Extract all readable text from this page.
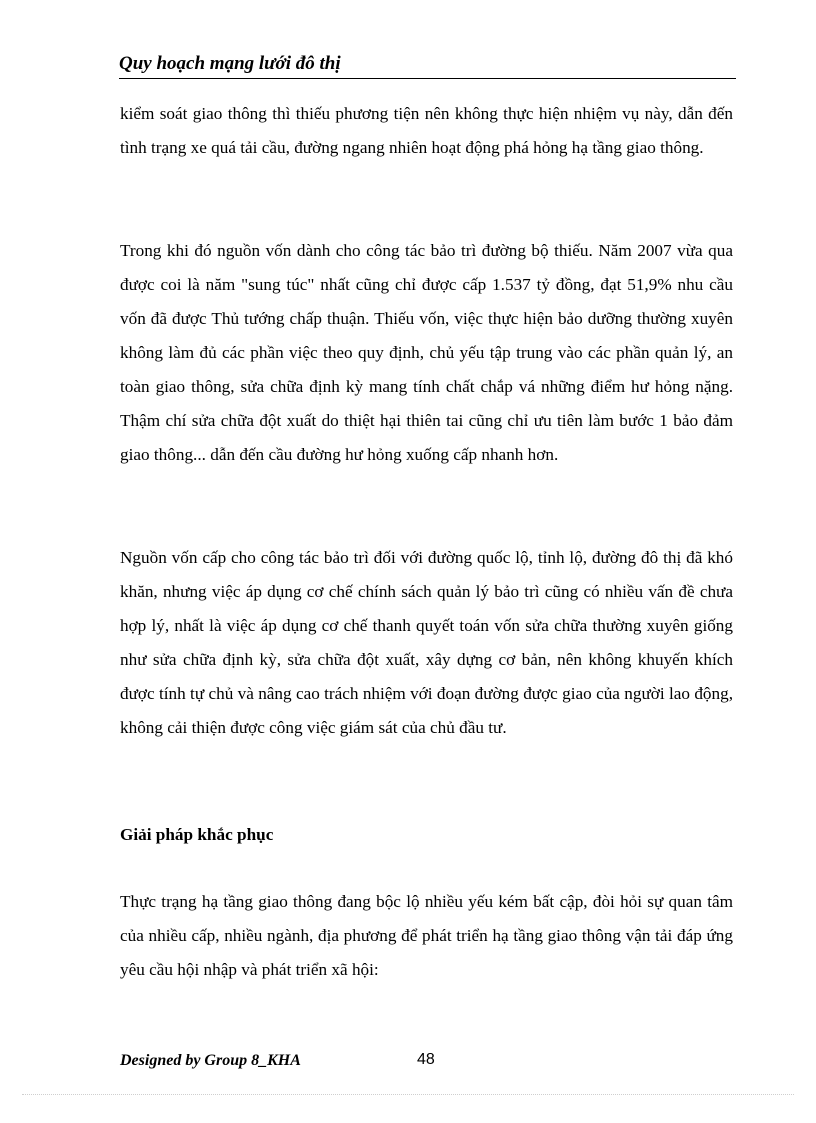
Quy hoạch mạng lưới đô thị

kiểm soát giao thông thì thiếu phương tiện nên không thực hiện nhiệm vụ này, dẫn đến tình trạng xe quá tải cầu, đường ngang nhiên hoạt động phá hỏng hạ tầng giao thông.

Trong khi đó nguồn vốn dành cho công tác bảo trì đường bộ thiếu. Năm 2007 vừa qua được coi là năm "sung túc" nhất cũng chỉ được cấp 1.537 tỷ đồng, đạt 51,9% nhu cầu vốn đã được Thủ tướng chấp thuận. Thiếu vốn, việc thực hiện bảo dưỡng thường xuyên không làm đủ các phần việc theo quy định, chủ yếu tập trung vào các phần quản lý, an toàn giao thông, sửa chữa định kỳ mang tính chất chắp vá những điểm hư hỏng nặng. Thậm chí sửa chữa đột xuất do thiệt hại thiên tai cũng chỉ ưu tiên làm bước 1 bảo đảm giao thông... dẫn đến cầu đường hư hỏng xuống cấp nhanh hơn.

Nguồn vốn cấp cho công tác bảo trì đối với đường quốc lộ, tỉnh lộ, đường đô thị đã khó khăn, nhưng việc áp dụng cơ chế chính sách quản lý bảo trì cũng có nhiều vấn đề chưa hợp lý, nhất là việc áp dụng cơ chế thanh quyết toán vốn sửa chữa thường xuyên giống như sửa chữa định kỳ, sửa chữa đột xuất, xây dựng cơ bản, nên không khuyến khích được tính tự chủ và nâng cao trách nhiệm với đoạn đường được giao của người lao động, không cải thiện được công việc giám sát của chủ đầu tư.

Giải pháp khắc phục

Thực trạng hạ tầng giao thông đang bộc lộ nhiều yếu kém bất cập, đòi hỏi sự quan tâm của nhiều cấp, nhiều ngành, địa phương để phát triển hạ tầng giao thông vận tải đáp ứng yêu cầu hội nhập và phát triển xã hội:

Designed by Group 8_KHA	48
